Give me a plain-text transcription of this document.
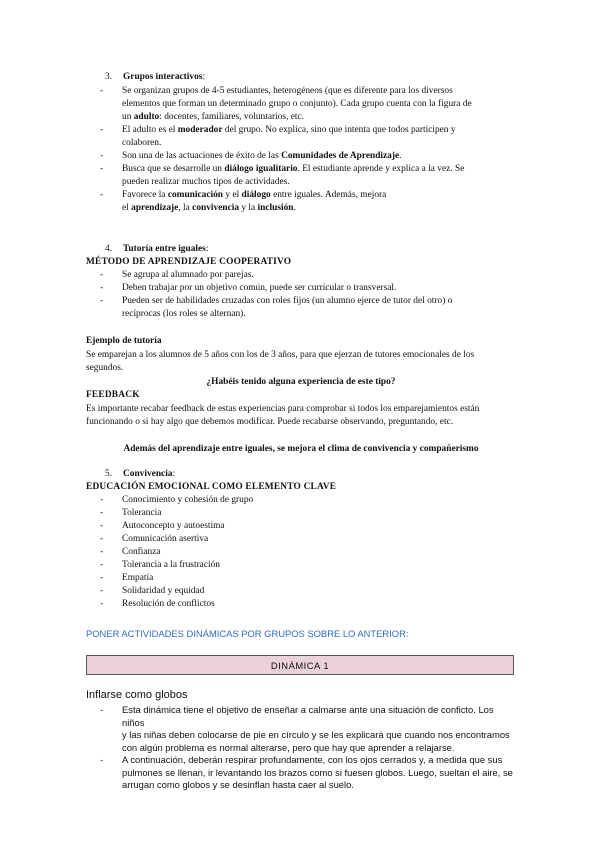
3. Grupos interactivos:
- Se organizan grupos de 4-5 estudiantes, heterogéneos (que es diferente para los diversos
elementos que forman un determinado grupo o conjunto). Cada grupo cuenta con la figura de
un adulto: docentes, familiares, voluntarios, etc.
- El adulto es el moderador del grupo. No explica, sino que intenta que todos participen y
colaboren.
- Son una de las actuaciones de éxito de las Comunidades de Aprendizaje.
- Busca que se desarrolle un diálogo igualitario. El estudiante aprende y explica a la vez. Se
pueden realizar muchos tipos de actividades.
- Favorece la comunicación y el diálogo entre iguales. Además, mejora
el aprendizaje, la convivencia y la inclusión.
4. Tutoría entre iguales:
MÉTODO DE APRENDIZAJE COOPERATIVO
- Se agrupa al alumnado por parejas.
- Deben trabajar por un objetivo común, puede ser curricular o transversal.
- Pueden ser de habilidades cruzadas con roles fijos (un alumno ejerce de tutor del otro) o
recíprocas (los roles se alternan).
Ejemplo de tutoría
Se emparejan a los alumnos de 5 años con los de 3 años, para que ejerzan de tutores emocionales de los
segundos.
¿Habéis tenido alguna experiencia de este tipo?
FEEDBACK
Es importante recabar feedback de estas experiencias para comprobar si todos los emparejamientos están
funcionando o si hay algo que debemos modificar. Puede recabarse observando, preguntando, etc.
Además del aprendizaje entre iguales, se mejora el clima de convivencia y compañerismo
5. Convivencia:
EDUCACIÓN EMOCIONAL COMO ELEMENTO CLAVE
- Conocimiento y cohesión de grupo
- Tolerancia
- Autoconcepto y autoestima
- Comunicación asertiva
- Confianza
- Tolerancia a la frustración
- Empatía
- Solidaridad y equidad
- Resolución de conflictos
PONER ACTIVIDADES DINÁMICAS POR GRUPOS SOBRE LO ANTERIOR:
DINÁMICA 1
Inflarse como globos
- Esta dinámica tiene el objetivo de enseñar a calmarse ante una situación de conficto. Los niños
y las niñas deben colocarse de pie en círculo y se les explicará que cuando nos encontramos
con algún problema es normal alterarse, pero que hay que aprender a relajarse.
- A continuación, deberán respirar profundamente, con los ojos cerrados y, a medida que sus
pulmones se llenan, ir levantando los brazos como si fuesen globos. Luego, sueltan el aire, se
arrugan como globos y se desinflan hasta caer al suelo.
